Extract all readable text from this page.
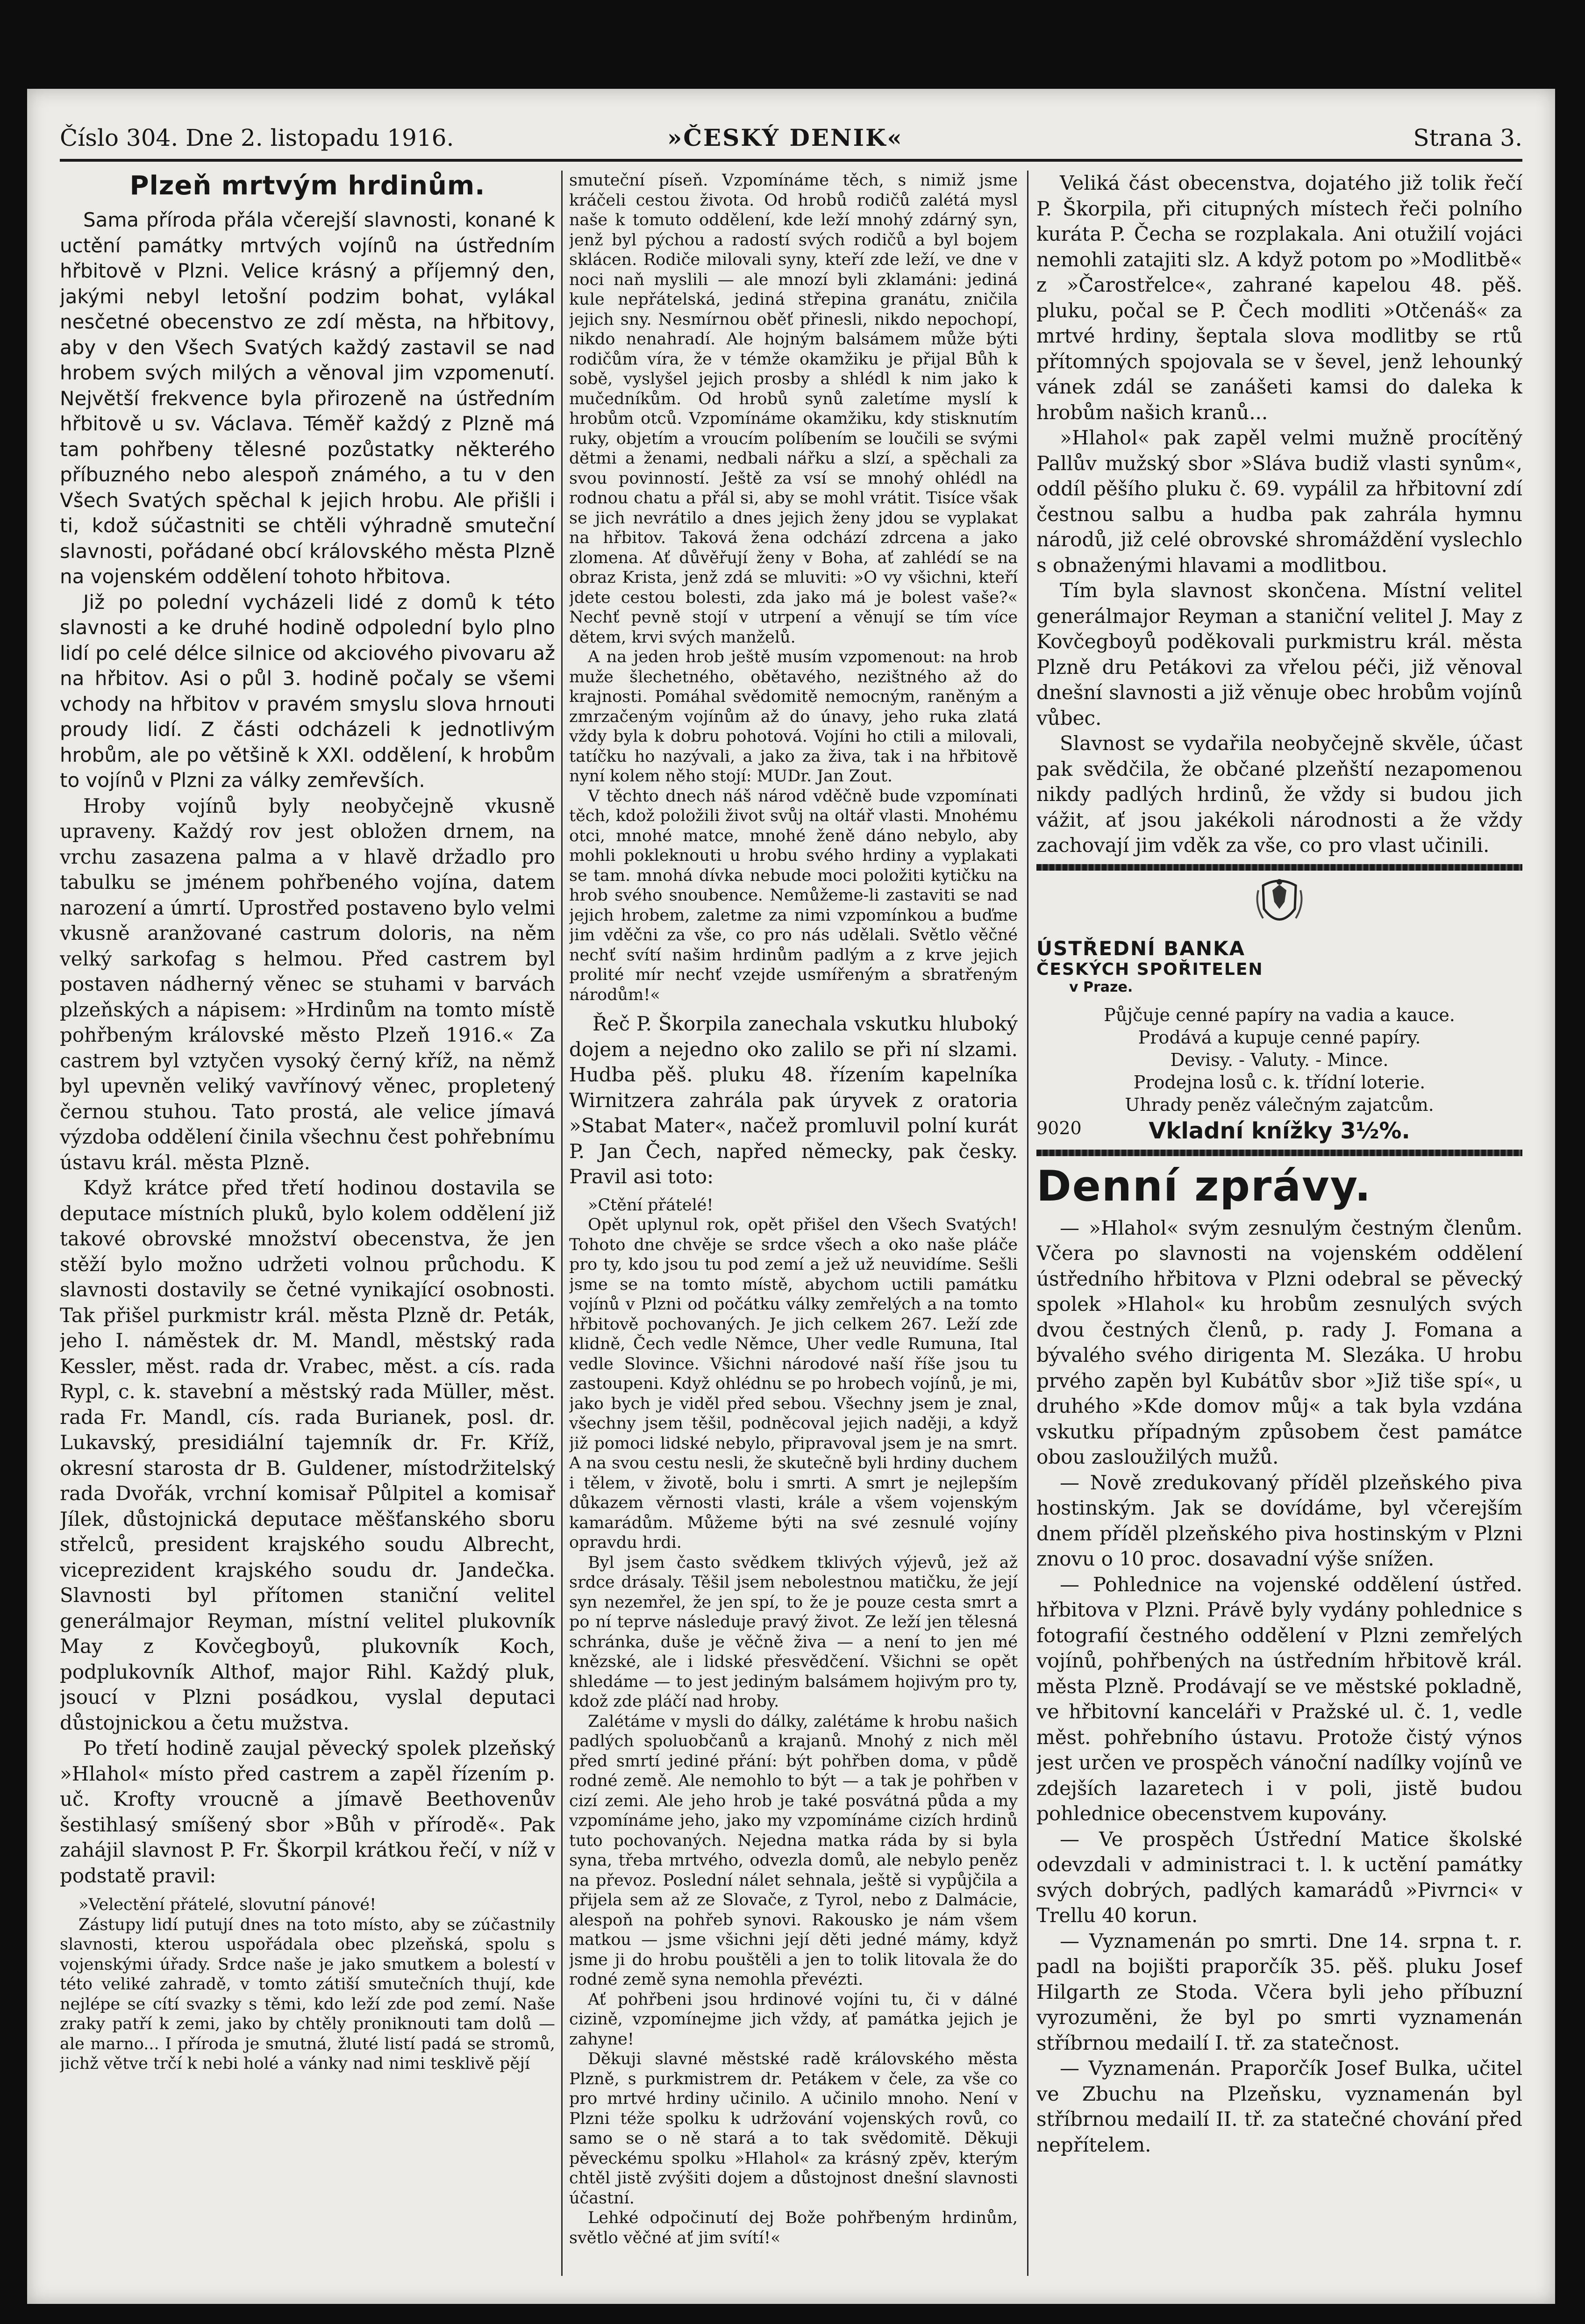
Číslo 304. Dne 2. listopadu 1916.	»ČESKÝ DENIK«	Strana 3.
Plzeň mrtvým hrdinům.

Sama příroda přála včerejší slavnosti, konané k uctění památky mrtvých vojínů na ústředním hřbitově v Plzni. Velice krásný a příjemný den, jakými nebyl letošní podzim bohat, vylákal nesčetné obecenstvo ze zdí města, na hřbitovy, aby v den Všech Svatých každý zastavil se nad hrobem svých milých a věnoval jim vzpomenutí. Největší frekvence byla přirozeně na ústředním hřbitově u sv. Václava. Téměř každý z Plzně má tam pohřbeny tělesné pozůstatky některého příbuzného nebo alespoň známého, a tu v den Všech Svatých spěchal k jejich hrobu. Ale přišli i ti, kdož súčastniti se chtěli výhradně smuteční slavnosti, pořádané obcí královského města Plzně na vojenském oddělení tohoto hřbitova.

Již po polední vycházeli lidé z domů k této slavnosti a ke druhé hodině odpolední bylo plno lidí po celé délce silnice od akciového pivovaru až na hřbitov. Asi o půl 3. hodině počaly se všemi vchody na hřbitov v pravém smyslu slova hrnouti proudy lidí. Z části odcházeli k jednotlivým hrobům, ale po většině k XXI. oddělení, k hrobům to vojínů v Plzni za války zemřevších.

Hroby vojínů byly neobyčejně vkusně upraveny. Každý rov jest obložen drnem, na vrchu zasazena palma a v hlavě držadlo pro tabulku se jménem pohřbeného vojína, datem narození a úmrtí. Uprostřed postaveno bylo velmi vkusně aranžované castrum doloris, na něm velký sarkofag s helmou. Před castrem byl postaven nádherný věnec se stuhami v barvách plzeňských a nápisem: »Hrdinům na tomto místě pohřbeným královské město Plzeň 1916.« Za castrem byl vztyčen vysoký černý kříž, na němž byl upevněn veliký vavřínový věnec, propletený černou stuhou. Tato prostá, ale velice jímavá výzdoba oddělení činila všechnu čest pohřebnímu ústavu král. města Plzně.

Když krátce před třetí hodinou dostavila se deputace místních pluků, bylo kolem oddělení již takové obrovské množství obecenstva, že jen stěží bylo možno udržeti volnou průchodu. K slavnosti dostavily se četné vynikající osobnosti. Tak přišel purkmistr král. města Plzně dr. Peták, jeho I. náměstek dr. M. Mandl, městský rada Kessler, měst. rada dr. Vrabec, měst. a cís. rada Rypl, c. k. stavební a městský rada Müller, měst. rada Fr. Mandl, cís. rada Burianek, posl. dr. Lukavský, presidiální tajemník dr. Fr. Kříž, okresní starosta dr B. Guldener, místodržitelský rada Dvořák, vrchní komisař Půlpitel a komisař Jílek, důstojnická deputace měšťanského sboru střelců, president krajského soudu Albrecht, viceprezident krajského soudu dr. Jandečka. Slavnosti byl přítomen staniční velitel generálmajor Reyman, místní velitel plukovník May z Kovčegboyů, plukovník Koch, podplukovník Althof, major Rihl. Každý pluk, jsoucí v Plzni posádkou, vyslal deputaci důstojnickou a četu mužstva.

Po třetí hodině zaujal pěvecký spolek plzeňský »Hlahol« místo před castrem a zapěl řízením p. uč. Krofty vroucně a jímavě Beethovenův šestihlasý smíšený sbor »Bůh v přírodě«. Pak zahájil slavnost P. Fr. Škorpil krátkou řečí, v níž v podstatě pravil:

»Velectění přátelé, slovutní pánové!

Zástupy lidí putují dnes na toto místo, aby se zúčastnily slavnosti, kterou uspořádala obec plzeňská, spolu s vojenskými úřady. Srdce naše je jako smutkem a bolestí v této veliké zahradě, v tomto zátiší smutečních thují, kde nejlépe se cítí svazky s těmi, kdo leží zde pod zemí. Naše zraky patří k zemi, jako by chtěly proniknouti tam dolů — ale marno... I příroda je smutná, žluté listí padá se stromů, jichž větve trčí k nebi holé a vánky nad nimi tesklivě pějí

smuteční píseň. Vzpomínáme těch, s nimiž jsme kráčeli cestou života. Od hrobů rodičů zalétá mysl naše k tomuto oddělení, kde leží mnohý zdárný syn, jenž byl pýchou a radostí svých rodičů a byl bojem sklácen. Rodiče milovali syny, kteří zde leží, ve dne v noci naň myslili — ale mnozí byli zklamáni: jediná kule nepřátelská, jediná střepina granátu, zničila jejich sny. Nesmírnou oběť přinesli, nikdo nepochopí, nikdo nenahradí. Ale hojným balsámem může býti rodičům víra, že v témže okamžiku je přijal Bůh k sobě, vyslyšel jejich prosby a shlédl k nim jako k mučedníkům. Od hrobů synů zaletíme myslí k hrobům otců. Vzpomínáme okamžiku, kdy stisknutím ruky, objetím a vroucím políbením se loučili se svými dětmi a ženami, nedbali nářku a slzí, a spěchali za svou povinností. Ještě za vsí se mnohý ohlédl na rodnou chatu a přál si, aby se mohl vrátit. Tisíce však se jich nevrátilo a dnes jejich ženy jdou se vyplakat na hřbitov. Taková žena odchází zdrcena a jako zlomena. Ať důvěřují ženy v Boha, ať zahlédí se na obraz Krista, jenž zdá se mluviti: »O vy všichni, kteří jdete cestou bolesti, zda jako má je bolest vaše?« Nechť pevně stojí v utrpení a věnují se tím více dětem, krvi svých manželů.

A na jeden hrob ještě musím vzpomenout: na hrob muže šlechetného, obětavého, nezištného až do krajnosti. Pomáhal svědomitě nemocným, raněným a zmrzačeným vojínům až do únavy, jeho ruka zlatá vždy byla k dobru pohotová. Vojíni ho ctili a milovali, tatíčku ho nazývali, a jako za živa, tak i na hřbitově nyní kolem něho stojí: MUDr. Jan Zout.

V těchto dnech náš národ vděčně bude vzpomínati těch, kdož položili život svůj na oltář vlasti. Mnohému otci, mnohé matce, mnohé ženě dáno nebylo, aby mohli pokleknouti u hrobu svého hrdiny a vyplakati se tam. mnohá dívka nebude moci položiti kytičku na hrob svého snoubence. Nemůžeme-li zastaviti se nad jejich hrobem, zaletme za nimi vzpomínkou a buďme jim vděčni za vše, co pro nás udělali. Světlo věčné nechť svítí našim hrdinům padlým a z krve jejich prolité mír nechť vzejde usmířeným a sbratřeným národům!«

Řeč P. Škorpila zanechala vskutku hluboký dojem a nejedno oko zalilo se při ní slzami. Hudba pěš. pluku 48. řízením kapelníka Wirnitzera zahrála pak úryvek z oratoria »Stabat Mater«, načež promluvil polní kurát P. Jan Čech, napřed německy, pak česky. Pravil asi toto:

»Ctění přátelé!

Opět uplynul rok, opět přišel den Všech Svatých! Tohoto dne chvěje se srdce všech a oko naše pláče pro ty, kdo jsou tu pod zemí a jež už neuvidíme. Sešli jsme se na tomto místě, abychom uctili památku vojínů v Plzni od počátku války zemřelých a na tomto hřbitově pochovaných. Je jich celkem 267. Leží zde klidně, Čech vedle Němce, Uher vedle Rumuna, Ital vedle Slovince. Všichni národové naší říše jsou tu zastoupeni. Když ohlédnu se po hrobech vojínů, je mi, jako bych je viděl před sebou. Všechny jsem je znal, všechny jsem těšil, podněcoval jejich naději, a když již pomoci lidské nebylo, připravoval jsem je na smrt. A na svou cestu nesli, že skutečně byli hrdiny duchem i tělem, v životě, bolu i smrti. A smrt je nejlepším důkazem věrnosti vlasti, krále a všem vojenským kamarádům. Můžeme býti na své zesnulé vojíny opravdu hrdi.

Byl jsem často svědkem tklivých výjevů, jež až srdce drásaly. Těšil jsem nebolestnou matičku, že její syn nezemřel, že jen spí, to že je pouze cesta smrt a po ní teprve následuje pravý život. Ze leží jen tělesná schránka, duše je věčně živa — a není to jen mé knězské, ale i lidské přesvědčení. Všichni se opět shledáme — to jest jediným balsámem hojivým pro ty, kdož zde pláčí nad hroby.

Zalétáme v mysli do dálky, zalétáme k hrobu našich padlých spoluobčanů a krajanů. Mnohý z nich měl před smrtí jediné přání: být pohřben doma, v půdě rodné země. Ale nemohlo to být — a tak je pohřben v cizí zemi. Ale jeho hrob je také posvátná půda a my vzpomínáme jeho, jako my vzpomínáme cizích hrdinů tuto pochovaných. Nejedna matka ráda by si byla syna, třeba mrtvého, odvezla domů, ale nebylo peněz na převoz. Poslední nálet sehnala, ještě si vypůjčila a přijela sem až ze Slovače, z Tyrol, nebo z Dalmácie, alespoň na pohřeb synovi. Rakousko je nám všem matkou — jsme všichni její děti jedné mámy, když jsme ji do hrobu pouštěli a jen to tolik litovala že do rodné země syna nemohla převézti.

Ať pohřbeni jsou hrdinové vojíni tu, či v dálné cizině, vzpomínejme jich vždy, ať památka jejich je zahyne!

Děkuji slavné městské radě královského města Plzně, s purkmistrem dr. Petákem v čele, za vše co pro mrtvé hrdiny učinilo. A učinilo mnoho. Není v Plzni téže spolku k udržování vojenských rovů, co samo se o ně stará a to tak svědomitě. Děkuji pěveckému spolku »Hlahol« za krásný zpěv, kterým chtěl jistě zvýšiti dojem a důstojnost dnešní slavnosti účastní.

Lehké odpočinutí dej Bože pohřbeným hrdinům, světlo věčné ať jim svítí!«

Veliká část obecenstva, dojatého již tolik řečí P. Škorpila, při citupných místech řeči polního kuráta P. Čecha se rozplakala. Ani otužilí vojáci nemohli zatajiti slz. A když potom po »Modlitbě« z »Čarostřelce«, zahrané kapelou 48. pěš. pluku, počal se P. Čech modliti »Otčenáš« za mrtvé hrdiny, šeptala slova modlitby se rtů přítomných spojovala se v ševel, jenž lehounký vánek zdál se zanášeti kamsi do daleka k hrobům našich kranů...

»Hlahol« pak zapěl velmi mužně procítěný Pallův mužský sbor »Sláva budiž vlasti synům«, oddíl pěšího pluku č. 69. vypálil za hřbitovní zdí čestnou salbu a hudba pak zahrála hymnu národů, již celé obrovské shromáždění vyslechlo s obnaženými hlavami a modlitbou.

Tím byla slavnost skončena. Místní velitel generálmajor Reyman a staniční velitel J. May z Kovčegboyů poděkovali purkmistru král. města Plzně dru Petákovi za vřelou péči, již věnoval dnešní slavnosti a již věnuje obec hrobům vojínů vůbec.

Slavnost se vydařila neobyčejně skvěle, účast pak svědčila, že občané plzeňští nezapomenou nikdy padlých hrdinů, že vždy si budou jich vážit, ať jsou jakékoli národnosti a že vždy zachovají jim vděk za vše, co pro vlast učinili.

ÚSTŘEDNÍ BANKA

ČESKÝCH SPOŘITELEN

v Praze.

Půjčuje cenné papíry na vadia a kauce.

Prodává a kupuje cenné papíry.

Devisy. - Valuty. - Mince.

Prodejna losů c. k. třídní loterie.

Uhrady peněz válečným zajatcům.

9020	Vkladní knížky 3½%.

Denní zprávy.

— »Hlahol« svým zesnulým čestným členům. Včera po slavnosti na vojenském oddělení ústředního hřbitova v Plzni odebral se pěvecký spolek »Hlahol« ku hrobům zesnulých svých dvou čestných členů, p. rady J. Fomana a bývalého svého dirigenta M. Slezáka. U hrobu prvého zapěn byl Kubátův sbor »Již tiše spí«, u druhého »Kde domov můj« a tak byla vzdána vskutku případným způsobem čest památce obou zasloužilých mužů.

— Nově zredukovaný příděl plzeňského piva hostinským. Jak se dovídáme, byl včerejším dnem příděl plzeňského piva hostinským v Plzni znovu o 10 proc. dosavadní výše snížen.

— Pohlednice na vojenské oddělení ústřed. hřbitova v Plzni. Právě byly vydány pohlednice s fotografií čestného oddělení v Plzni zemřelých vojínů, pohřbených na ústředním hřbitově král. města Plzně. Prodávají se ve městské pokladně, ve hřbitovní kanceláři v Pražské ul. č. 1, vedle měst. pohřebního ústavu. Protože čistý výnos jest určen ve prospěch vánoční nadílky vojínů ve zdejších lazaretech i v poli, jistě budou pohlednice obecenstvem kupovány.

— Ve prospěch Ústřední Matice školské odevzdali v administraci t. l. k uctění památky svých dobrých, padlých kamarádů »Pivrnci« v Trellu 40 korun.

— Vyznamenán po smrti. Dne 14. srpna t. r. padl na bojišti praporčík 35. pěš. pluku Josef Hilgarth ze Stoda. Včera byli jeho příbuzní vyrozuměni, že byl po smrti vyznamenán stříbrnou medailí I. tř. za statečnost.

— Vyznamenán. Praporčík Josef Bulka, učitel ve Zbuchu na Plzeňsku, vyznamenán byl stříbrnou medailí II. tř. za statečné chování před nepřítelem.
